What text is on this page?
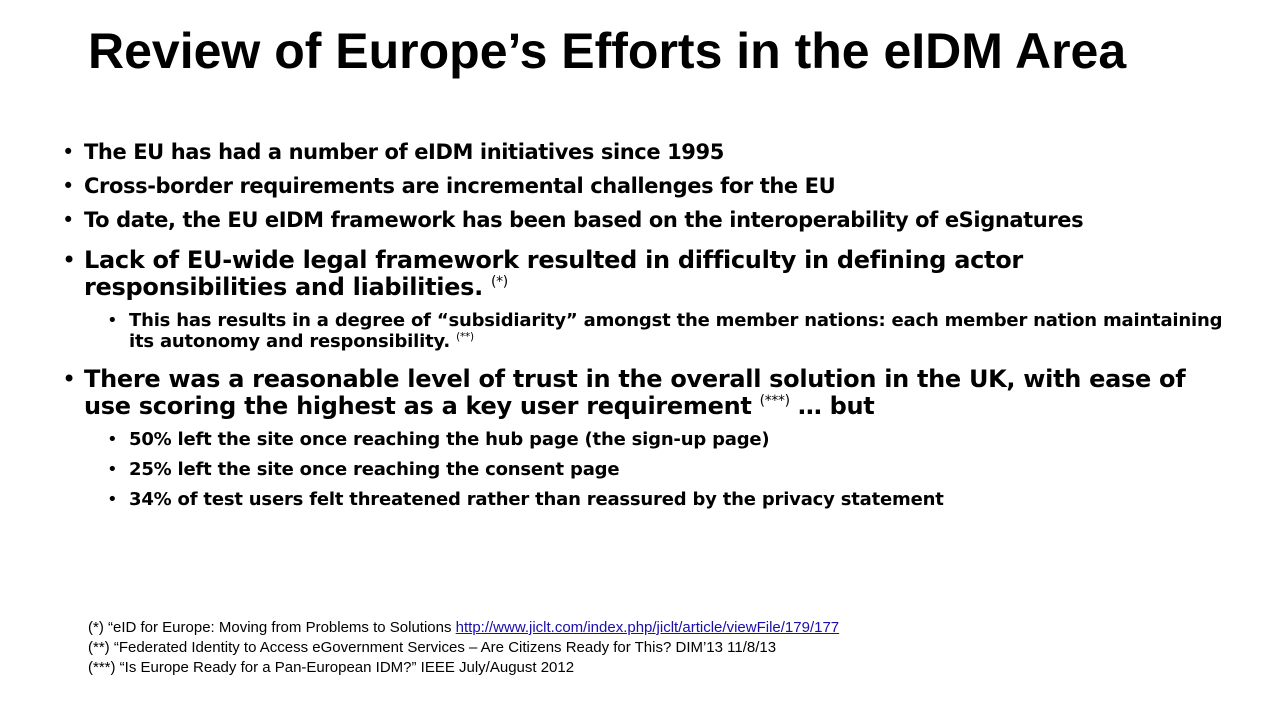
Review of Europe’s Efforts in the eIDM Area
• The EU has had a number of eIDM initiatives since 1995
• Cross-border requirements are incremental challenges for the EU
• To date, the EU eIDM framework has been based on the interoperability of eSignatures
• Lack of EU-wide legal framework resulted in difficulty in defining actor responsibilities and liabilities. (*)
• This has results in a degree of “subsidiarity” amongst the member nations: each member nation maintaining its autonomy and responsibility. (**)
• There was a reasonable level of trust in the overall solution in the UK, with ease of use scoring the highest as a key user requirement (***) … but
• 50% left the site once reaching the hub page (the sign-up page)
• 25% left the site once reaching the consent page
• 34% of test users felt threatened rather than reassured by the privacy statement
(*) “eID for Europe: Moving from Problems to Solutions http://www.jiclt.com/index.php/jiclt/article/viewFile/179/177
(**) “Federated Identity to Access eGovernment Services – Are Citizens Ready for This? DIM’13 11/8/13
(***) “Is Europe Ready for a Pan-European IDM?” IEEE July/August 2012
